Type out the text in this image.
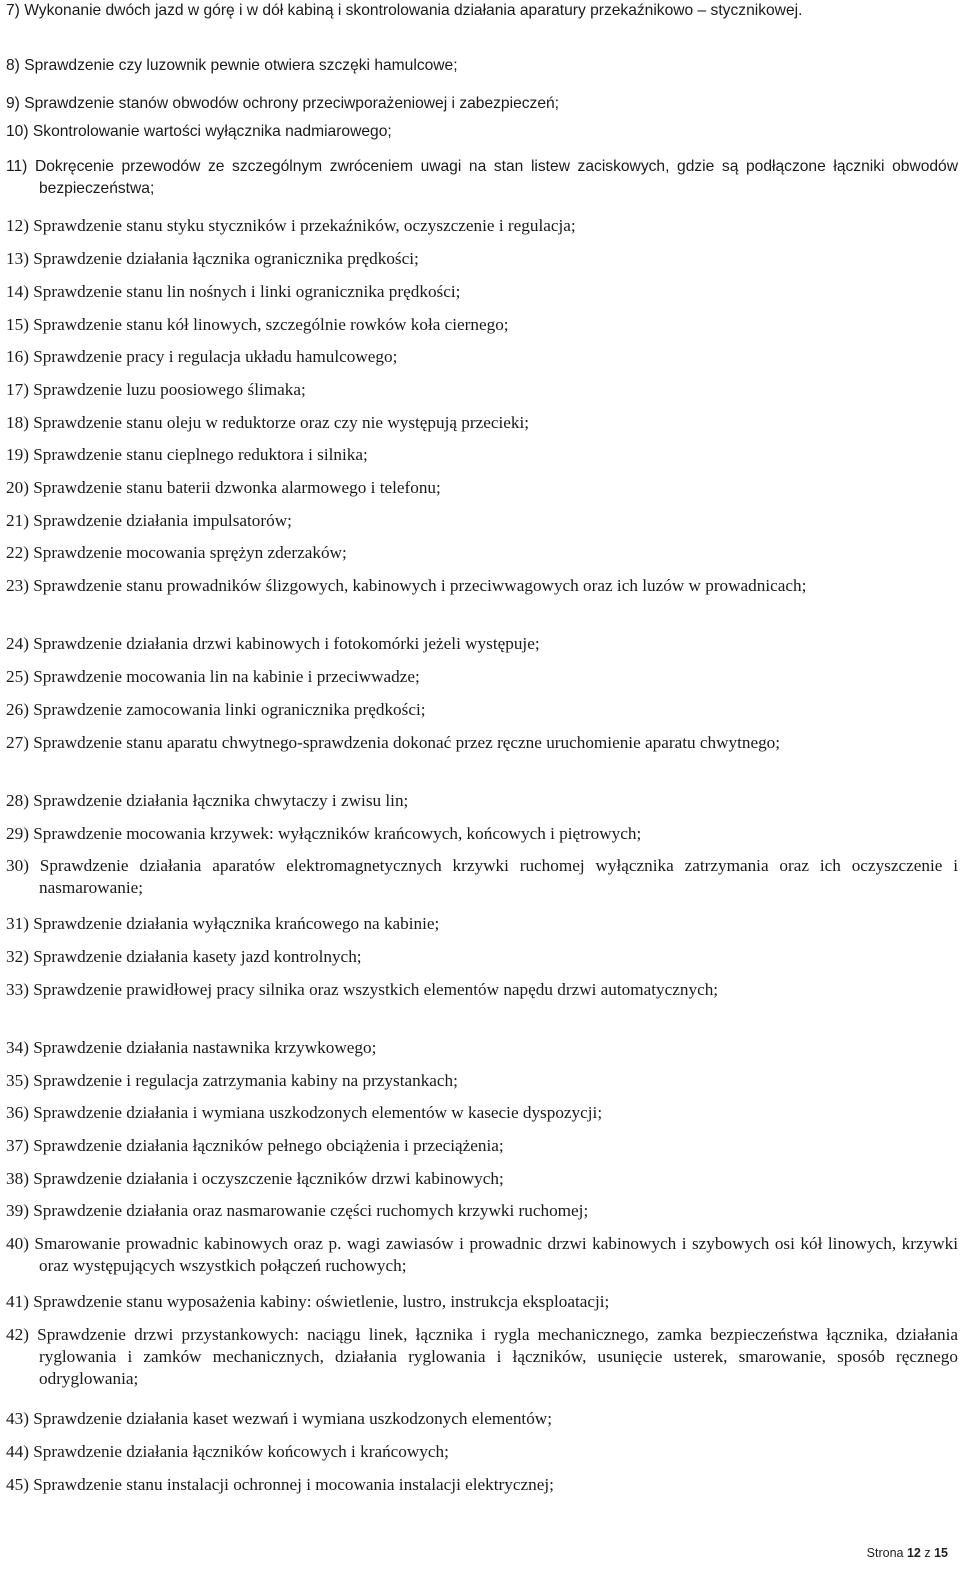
7) Wykonanie dwóch jazd w górę i w dół kabiną i skontrolowania działania aparatury przekaźnikowo – stycznikowej.
8) Sprawdzenie czy luzownik pewnie otwiera szczęki hamulcowe;
9) Sprawdzenie stanów obwodów ochrony przeciwporażeniowej i zabezpieczeń;
10) Skontrolowanie wartości wyłącznika nadmiarowego;
11) Dokręcenie przewodów ze szczególnym zwróceniem uwagi na stan listew zaciskowych, gdzie są podłączone łączniki obwodów bezpieczeństwa;
12) Sprawdzenie stanu styku styczników i przekaźników, oczyszczenie i regulacja;
13) Sprawdzenie działania łącznika ogranicznika prędkości;
14) Sprawdzenie stanu lin nośnych i linki ogranicznika prędkości;
15) Sprawdzenie stanu kół linowych, szczególnie rowków koła ciernego;
16) Sprawdzenie pracy i regulacja układu hamulcowego;
17) Sprawdzenie luzu poosiowego ślimaka;
18) Sprawdzenie stanu oleju w reduktorze oraz czy nie występują przecieki;
19) Sprawdzenie stanu cieplnego reduktora i silnika;
20) Sprawdzenie stanu baterii dzwonka alarmowego i telefonu;
21) Sprawdzenie działania impulsatorów;
22) Sprawdzenie mocowania sprężyn zderzaków;
23) Sprawdzenie stanu prowadników ślizgowych, kabinowych i przeciwwagowych oraz ich luzów w prowadnicach;
24) Sprawdzenie działania drzwi kabinowych i fotokomórki jeżeli występuje;
25) Sprawdzenie mocowania lin na kabinie i przeciwwadze;
26) Sprawdzenie zamocowania linki ogranicznika prędkości;
27) Sprawdzenie stanu aparatu chwytnego-sprawdzenia dokonać przez ręczne uruchomienie aparatu chwytnego;
28) Sprawdzenie działania łącznika chwytaczy i zwisu lin;
29) Sprawdzenie mocowania krzywek: wyłączników krańcowych, końcowych i piętrowych;
30) Sprawdzenie działania aparatów elektromagnetycznych krzywki ruchomej wyłącznika zatrzymania oraz ich oczyszczenie i nasmarowanie;
31) Sprawdzenie działania wyłącznika krańcowego na kabinie;
32) Sprawdzenie działania kasety jazd kontrolnych;
33) Sprawdzenie prawidłowej pracy silnika oraz wszystkich elementów napędu drzwi automatycznych;
34) Sprawdzenie działania nastawnika krzywkowego;
35) Sprawdzenie i regulacja zatrzymania kabiny na przystankach;
36) Sprawdzenie działania i wymiana uszkodzonych elementów w kasecie dyspozycji;
37) Sprawdzenie działania łączników pełnego obciążenia i przeciążenia;
38) Sprawdzenie działania i oczyszczenie łączników drzwi kabinowych;
39) Sprawdzenie działania oraz nasmarowanie części ruchomych krzywki ruchomej;
40) Smarowanie prowadnic kabinowych oraz p. wagi zawiasów i prowadnic drzwi kabinowych i szybowych osi kół linowych, krzywki oraz występujących wszystkich połączeń ruchowych;
41) Sprawdzenie stanu wyposażenia kabiny: oświetlenie, lustro, instrukcja eksploatacji;
42) Sprawdzenie drzwi przystankowych: naciągu linek, łącznika i rygla mechanicznego, zamka bezpieczeństwa łącznika, działania ryglowania i zamków mechanicznych, działania ryglowania i łączników, usunięcie usterek, smarowanie, sposób ręcznego odryglowania;
43) Sprawdzenie działania kaset wezwań i wymiana uszkodzonych elementów;
44) Sprawdzenie działania łączników końcowych i krańcowych;
45) Sprawdzenie stanu instalacji ochronnej i mocowania instalacji elektrycznej;
Strona 12 z 15
